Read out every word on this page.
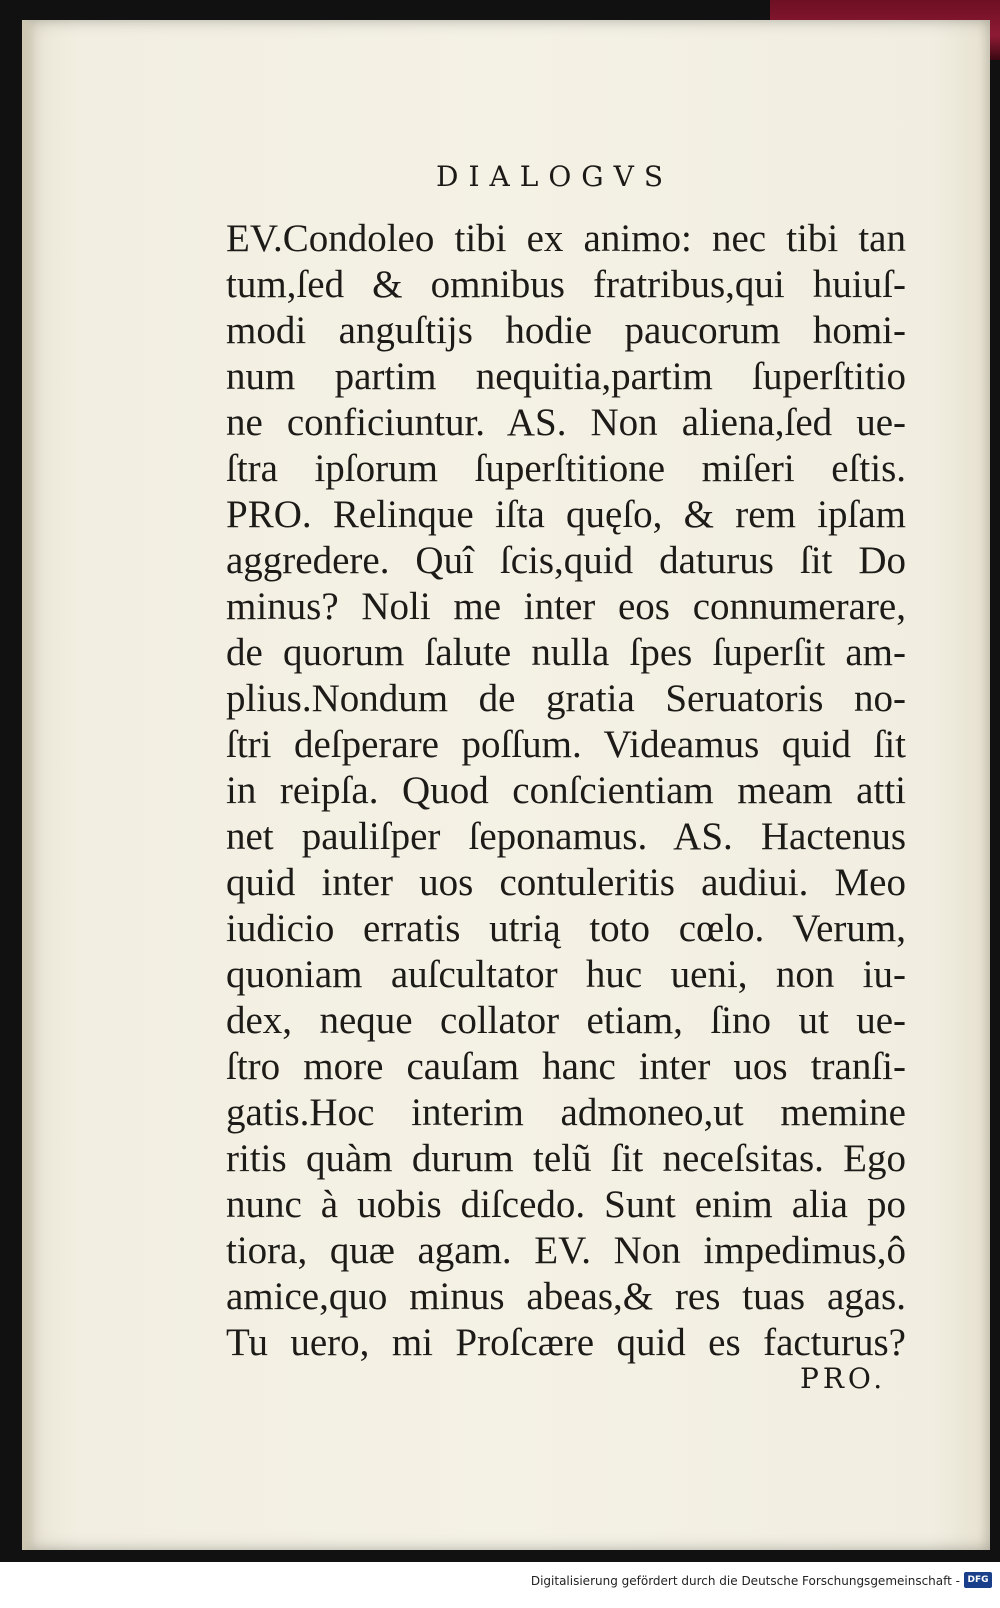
DIALOGVS
EV.Condoleo tibi ex animo: nec tibi tan
tum,ſed & omnibus fratribus,qui huiuſ-
modi anguſtijs hodie paucorum homi-
num partim nequitia,partim ſuperſtitio
ne conficiuntur. AS. Non aliena,ſed ue-
ſtra ipſorum ſuperſtitione miſeri eſtis.
PRO. Relinque iſta quęſo, & rem ipſam
aggredere. Quî ſcis,quid daturus ſit Do
minus? Noli me inter eos connumerare,
de quorum ſalute nulla ſpes ſuperſit am-
plius.Nondum de gratia Seruatoris no-
ſtri deſperare poſſum. Videamus quid ſit
in reipſa. Quod conſcientiam meam atti
net pauliſper ſeponamus. AS. Hactenus
quid inter uos contuleritis audiui. Meo
iudicio erratis utrią toto cœlo. Verum,
quoniam auſcultator huc ueni, non iu-
dex, neque collator etiam, ſino ut ue-
ſtro more cauſam hanc inter uos tranſi-
gatis.Hoc interim admoneo,ut memine
ritis quàm durum telũ ſit neceſsitas. Ego
nunc à uobis diſcedo. Sunt enim alia po
tiora, quæ agam. EV. Non impedimus,ô
amice,quo minus abeas,& res tuas agas.
Tu uero, mi Proſcære quid es facturus?
PRO.
Digitalisierung gefördert durch die Deutsche Forschungsgemeinschaft - DFG
